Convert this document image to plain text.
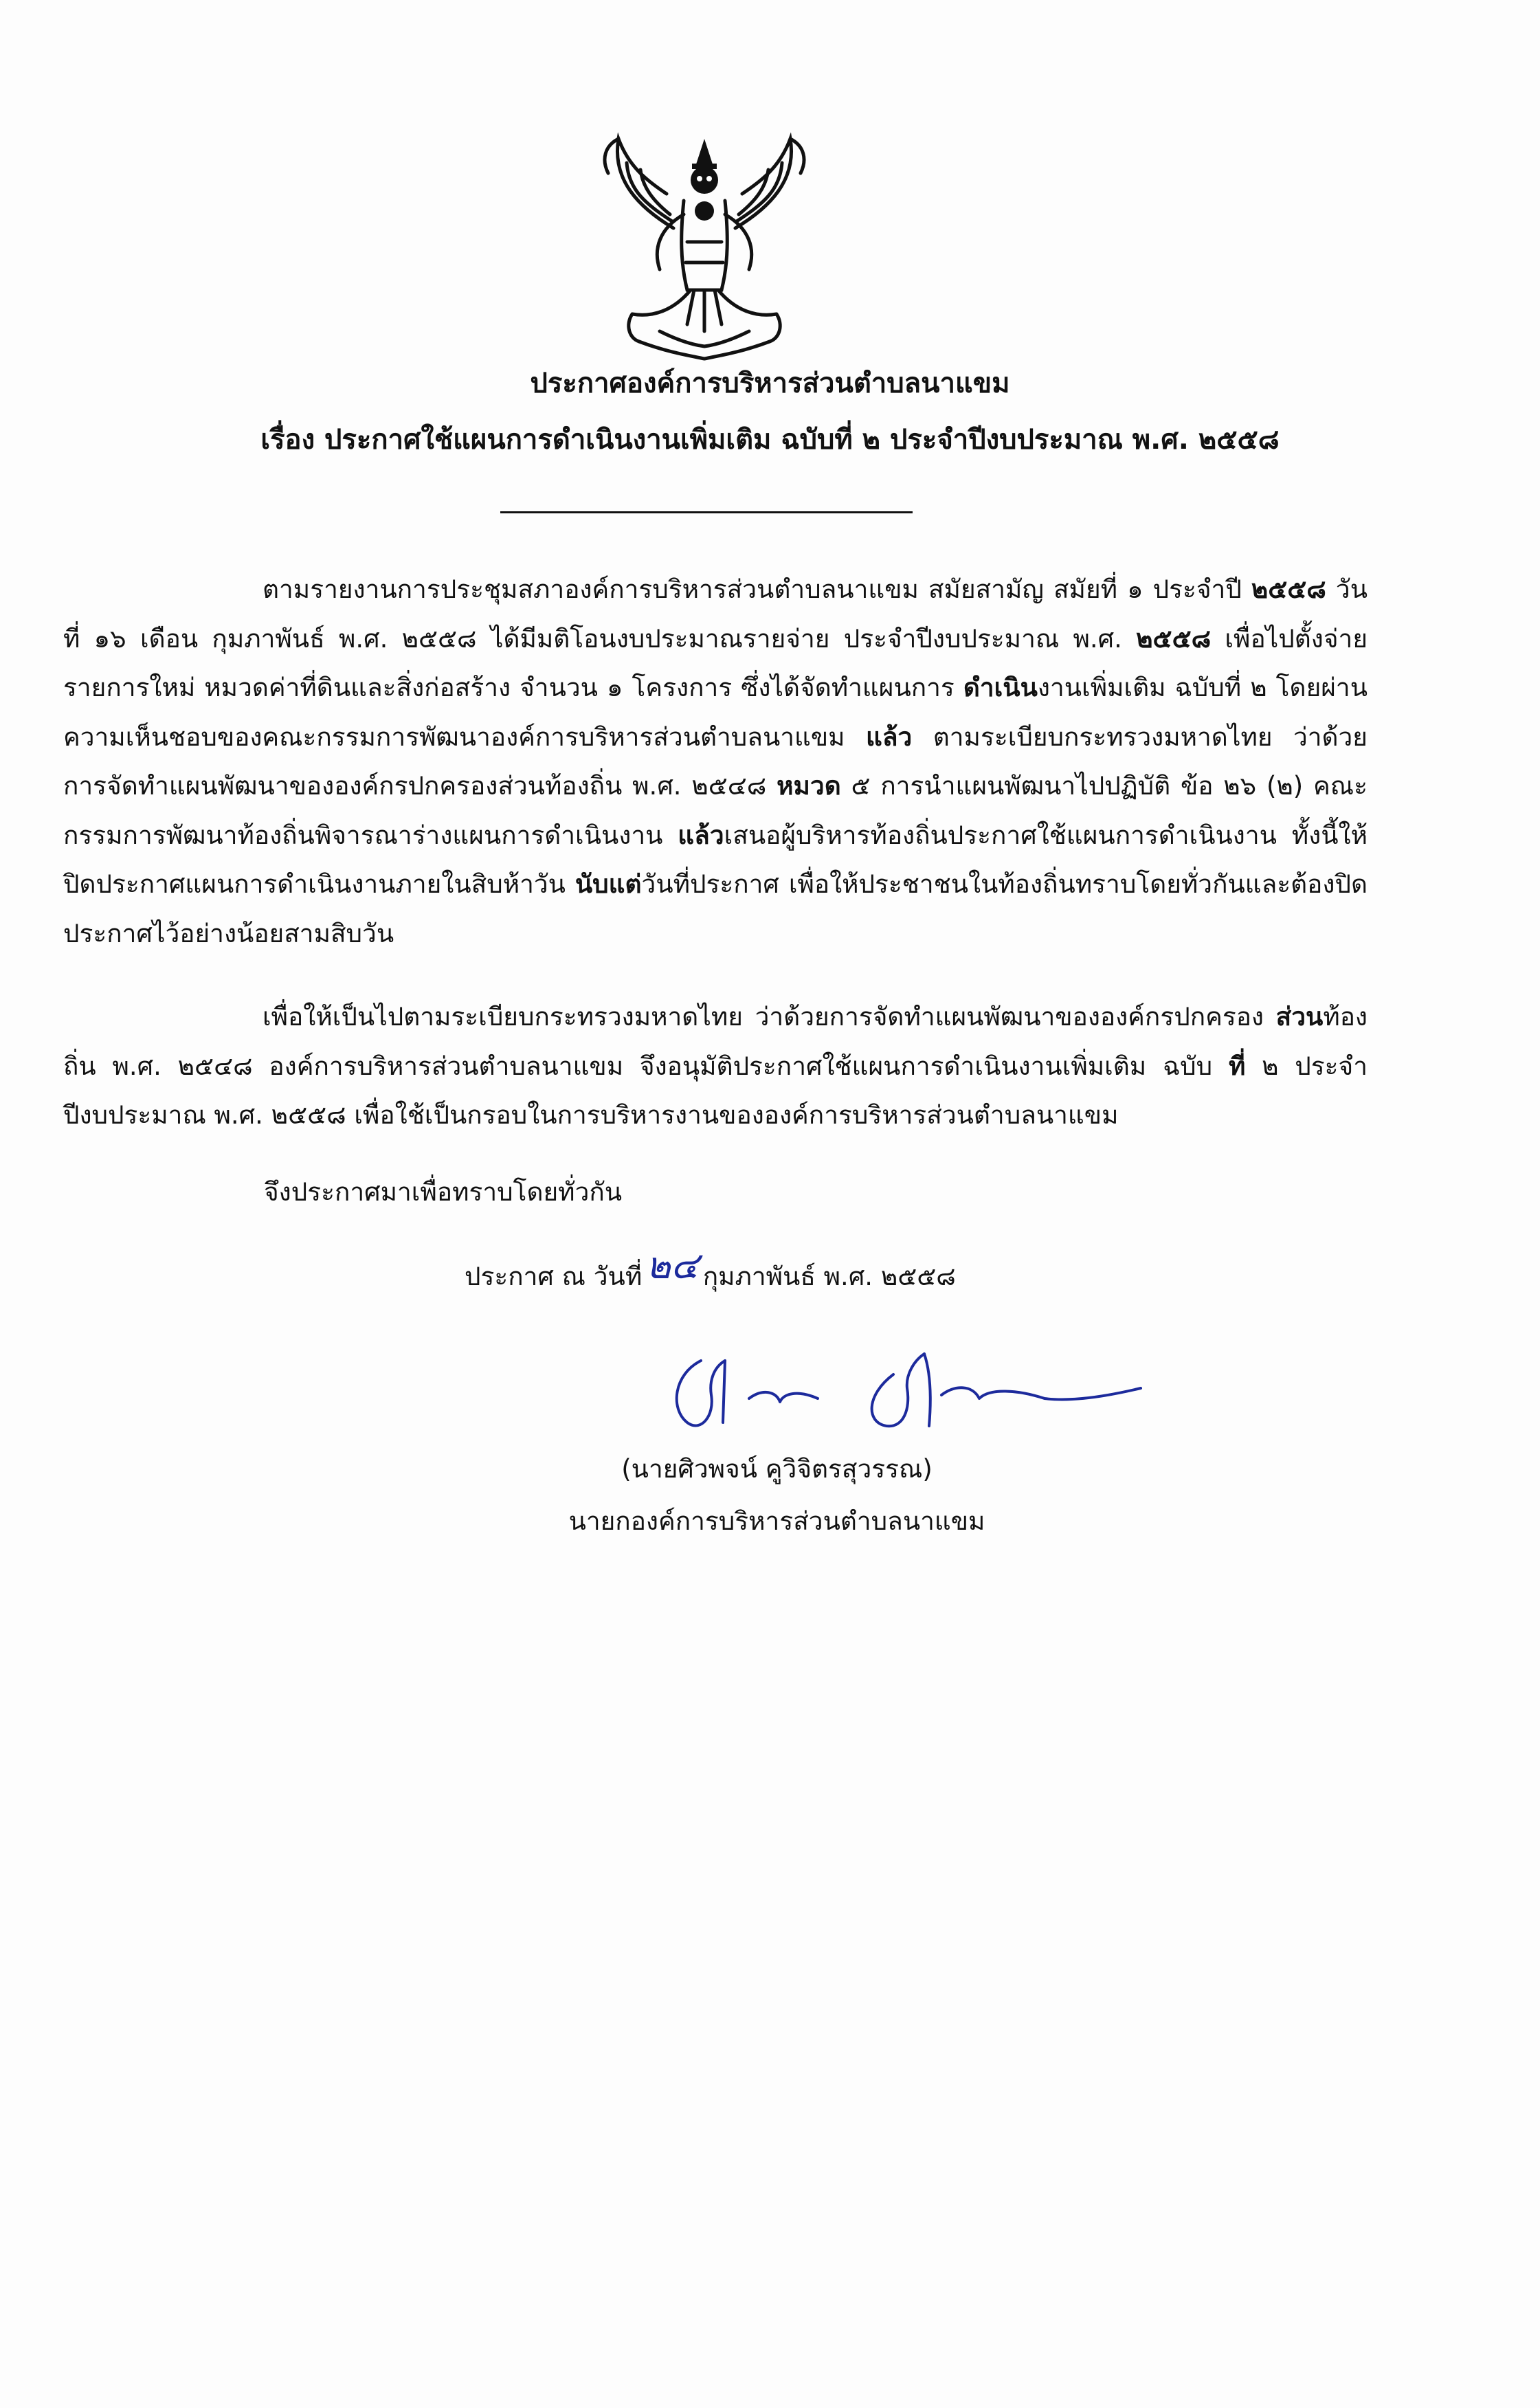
ประกาศองค์การบริหารส่วนตำบลนาแขม
เรื่อง ประกาศใช้แผนการดำเนินงานเพิ่มเติม ฉบับที่ ๒ ประจำปีงบประมาณ พ.ศ. ๒๕๕๘
ตามรายงานการประชุมสภาองค์การบริหารส่วนตำบลนาแขม สมัยสามัญ สมัยที่ ๑ ประจำปี ๒๕๕๘ วันที่ ๑๖ เดือน กุมภาพันธ์ พ.ศ. ๒๕๕๘ ได้มีมติโอนงบประมาณรายจ่าย ประจำปีงบประมาณ พ.ศ. ๒๕๕๘ เพื่อไปตั้งจ่ายรายการใหม่ หมวดค่าที่ดินและสิ่งก่อสร้าง จำนวน ๑ โครงการ ซึ่งได้จัดทำแผนการ ดำเนินงานเพิ่มเติม ฉบับที่ ๒ โดยผ่านความเห็นชอบของคณะกรรมการพัฒนาองค์การบริหารส่วนตำบลนาแขม แล้ว ตามระเบียบกระทรวงมหาดไทย ว่าด้วยการจัดทำแผนพัฒนาขององค์กรปกครองส่วนท้องถิ่น พ.ศ. ๒๕๔๘ หมวด ๕ การนำแผนพัฒนาไปปฏิบัติ ข้อ ๒๖ (๒) คณะกรรมการพัฒนาท้องถิ่นพิจารณาร่างแผนการดำเนินงาน แล้วเสนอผู้บริหารท้องถิ่นประกาศใช้แผนการดำเนินงาน ทั้งนี้ให้ปิดประกาศแผนการดำเนินงานภายในสิบห้าวัน นับแต่วันที่ประกาศ เพื่อให้ประชาชนในท้องถิ่นทราบโดยทั่วกันและต้องปิดประกาศไว้อย่างน้อยสามสิบวัน
เพื่อให้เป็นไปตามระเบียบกระทรวงมหาดไทย ว่าด้วยการจัดทำแผนพัฒนาขององค์กรปกครอง ส่วนท้องถิ่น พ.ศ. ๒๕๔๘ องค์การบริหารส่วนตำบลนาแขม จึงอนุมัติประกาศใช้แผนการดำเนินงานเพิ่มเติม ฉบับ ที่ ๒ ประจำปีงบประมาณ พ.ศ. ๒๕๕๘ เพื่อใช้เป็นกรอบในการบริหารงานขององค์การบริหารส่วนตำบลนาแขม
จึงประกาศมาเพื่อทราบโดยทั่วกัน
ประกาศ ณ วันที่ ๒๔ กุมภาพันธ์ พ.ศ. ๒๕๕๘
(นายศิวพจน์ คูวิจิตรสุวรรณ)
นายกองค์การบริหารส่วนตำบลนาแขม
